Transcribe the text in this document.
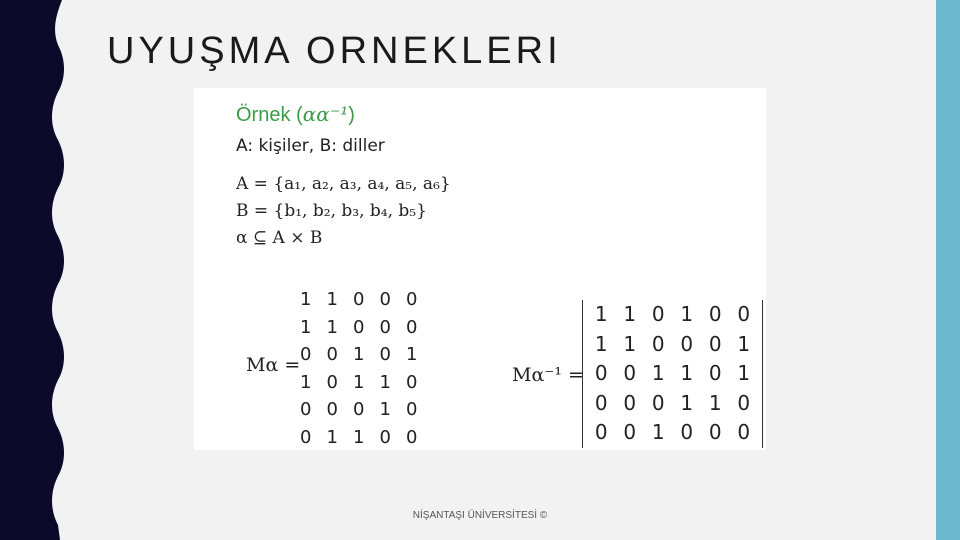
UYUŞMA ORNEKLERI
Örnek (αα⁻¹)
A: kişiler, B: diller
A = {a₁, a₂, a₃, a₄, a₅, a₆}
B = {b₁, b₂, b₃, b₄, b₅}
α ⊆ A × B
Mα =
1 1 0 0 0
1 1 0 0 0
0 0 1 0 1
1 0 1 1 0
0 0 0 1 0
0 1 1 0 0
Mα⁻¹ =
1 1 0 1 0 0
1 1 0 0 0 1
0 0 1 1 0 1
0 0 0 1 1 0
0 0 1 0 0 0
NİŞANTAŞI ÜNİVERSİTESİ ©
